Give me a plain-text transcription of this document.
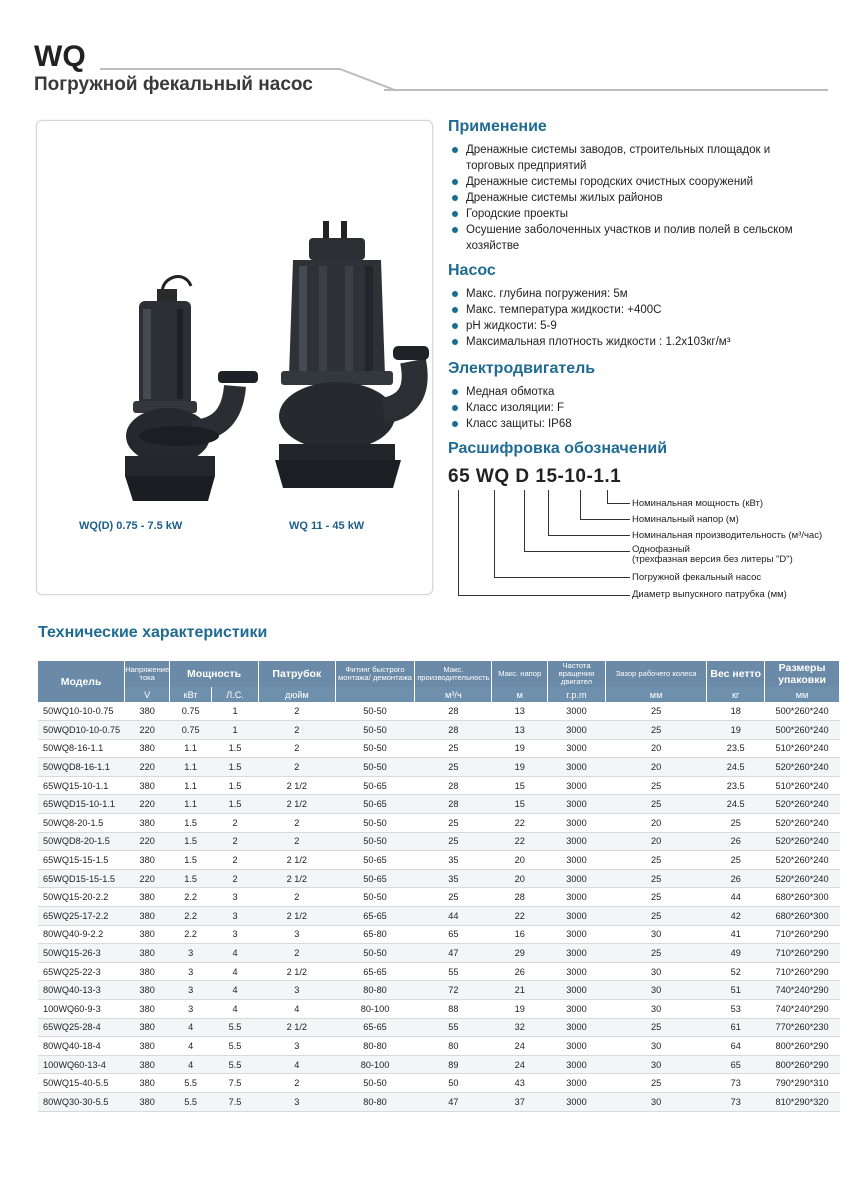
WQ
Погружной фекальный насос
WQ(D) 0.75 - 7.5 kW	WQ 11 - 45 kW
Применение
Дренажные системы заводов, строительных площадок и торговых предприятий
Дренажные системы городских очистных сооружений
Дренажные системы жилых районов
Городские проекты
Осушение заболоченных участков и полив полей в сельском хозяйстве
Насос
Макс. глубина погружения: 5м
Макс. температура жидкости: +400С
pH жидкости: 5-9
Максимальная плотность жидкости : 1.2x103кг/м³
Электродвигатель
Медная обмотка
Класс изоляции: F
Класс защиты: IP68
Расшифровка обозначений
65 WQ D 15-10-1.1
Номинальная мощность (кВт)
Номинальный напор (м)
Номинальная производительность (м³/час)
Однофазный
(трехфазная версия без литеры "D")
Погружной фекальный насос
Диаметр выпускного патрубка (мм)
Технические характеристики
Модель	Напряжение тока	Мощность		Патрубок	Фитинг быстрого монтажа/ демонтажа	Макс. производительность	Макс. напор	Частота вращения двигател	Зазор рабочего колеса	Вес нетто	Размеры упаковки
	V	кВт	Л.С.	дюйм		м³/ч	м	r.p.m	мм	кг	мм
50WQ10-10-0.75	380	0.75	1	2	50-50	28	13	3000	25	18	500*260*240
50WQD10-10-0.75	220	0.75	1	2	50-50	28	13	3000	25	19	500*260*240
50WQ8-16-1.1	380	1.1	1.5	2	50-50	25	19	3000	20	23.5	510*260*240
50WQD8-16-1.1	220	1.1	1.5	2	50-50	25	19	3000	20	24.5	520*260*240
65WQ15-10-1.1	380	1.1	1.5	2 1/2	50-65	28	15	3000	25	23.5	510*260*240
65WQD15-10-1.1	220	1.1	1.5	2 1/2	50-65	28	15	3000	25	24.5	520*260*240
50WQ8-20-1.5	380	1.5	2	2	50-50	25	22	3000	20	25	520*260*240
50WQD8-20-1.5	220	1.5	2	2	50-50	25	22	3000	20	26	520*260*240
65WQ15-15-1.5	380	1.5	2	2 1/2	50-65	35	20	3000	25	25	520*260*240
65WQD15-15-1.5	220	1.5	2	2 1/2	50-65	35	20	3000	25	26	520*260*240
50WQ15-20-2.2	380	2.2	3	2	50-50	25	28	3000	25	44	680*260*300
65WQ25-17-2.2	380	2.2	3	2 1/2	65-65	44	22	3000	25	42	680*260*300
80WQ40-9-2.2	380	2.2	3	3	65-80	65	16	3000	30	41	710*260*290
50WQ15-26-3	380	3	4	2	50-50	47	29	3000	25	49	710*260*290
65WQ25-22-3	380	3	4	2 1/2	65-65	55	26	3000	30	52	710*260*290
80WQ40-13-3	380	3	4	3	80-80	72	21	3000	30	51	740*240*290
100WQ60-9-3	380	3	4	4	80-100	88	19	3000	30	53	740*240*290
65WQ25-28-4	380	4	5.5	2 1/2	65-65	55	32	3000	25	61	770*260*230
80WQ40-18-4	380	4	5.5	3	80-80	80	24	3000	30	64	800*260*290
100WQ60-13-4	380	4	5.5	4	80-100	89	24	3000	30	65	800*260*290
50WQ15-40-5.5	380	5.5	7.5	2	50-50	50	43	3000	25	73	790*290*310
80WQ30-30-5.5	380	5.5	7.5	3	80-80	47	37	3000	30	73	810*290*320
